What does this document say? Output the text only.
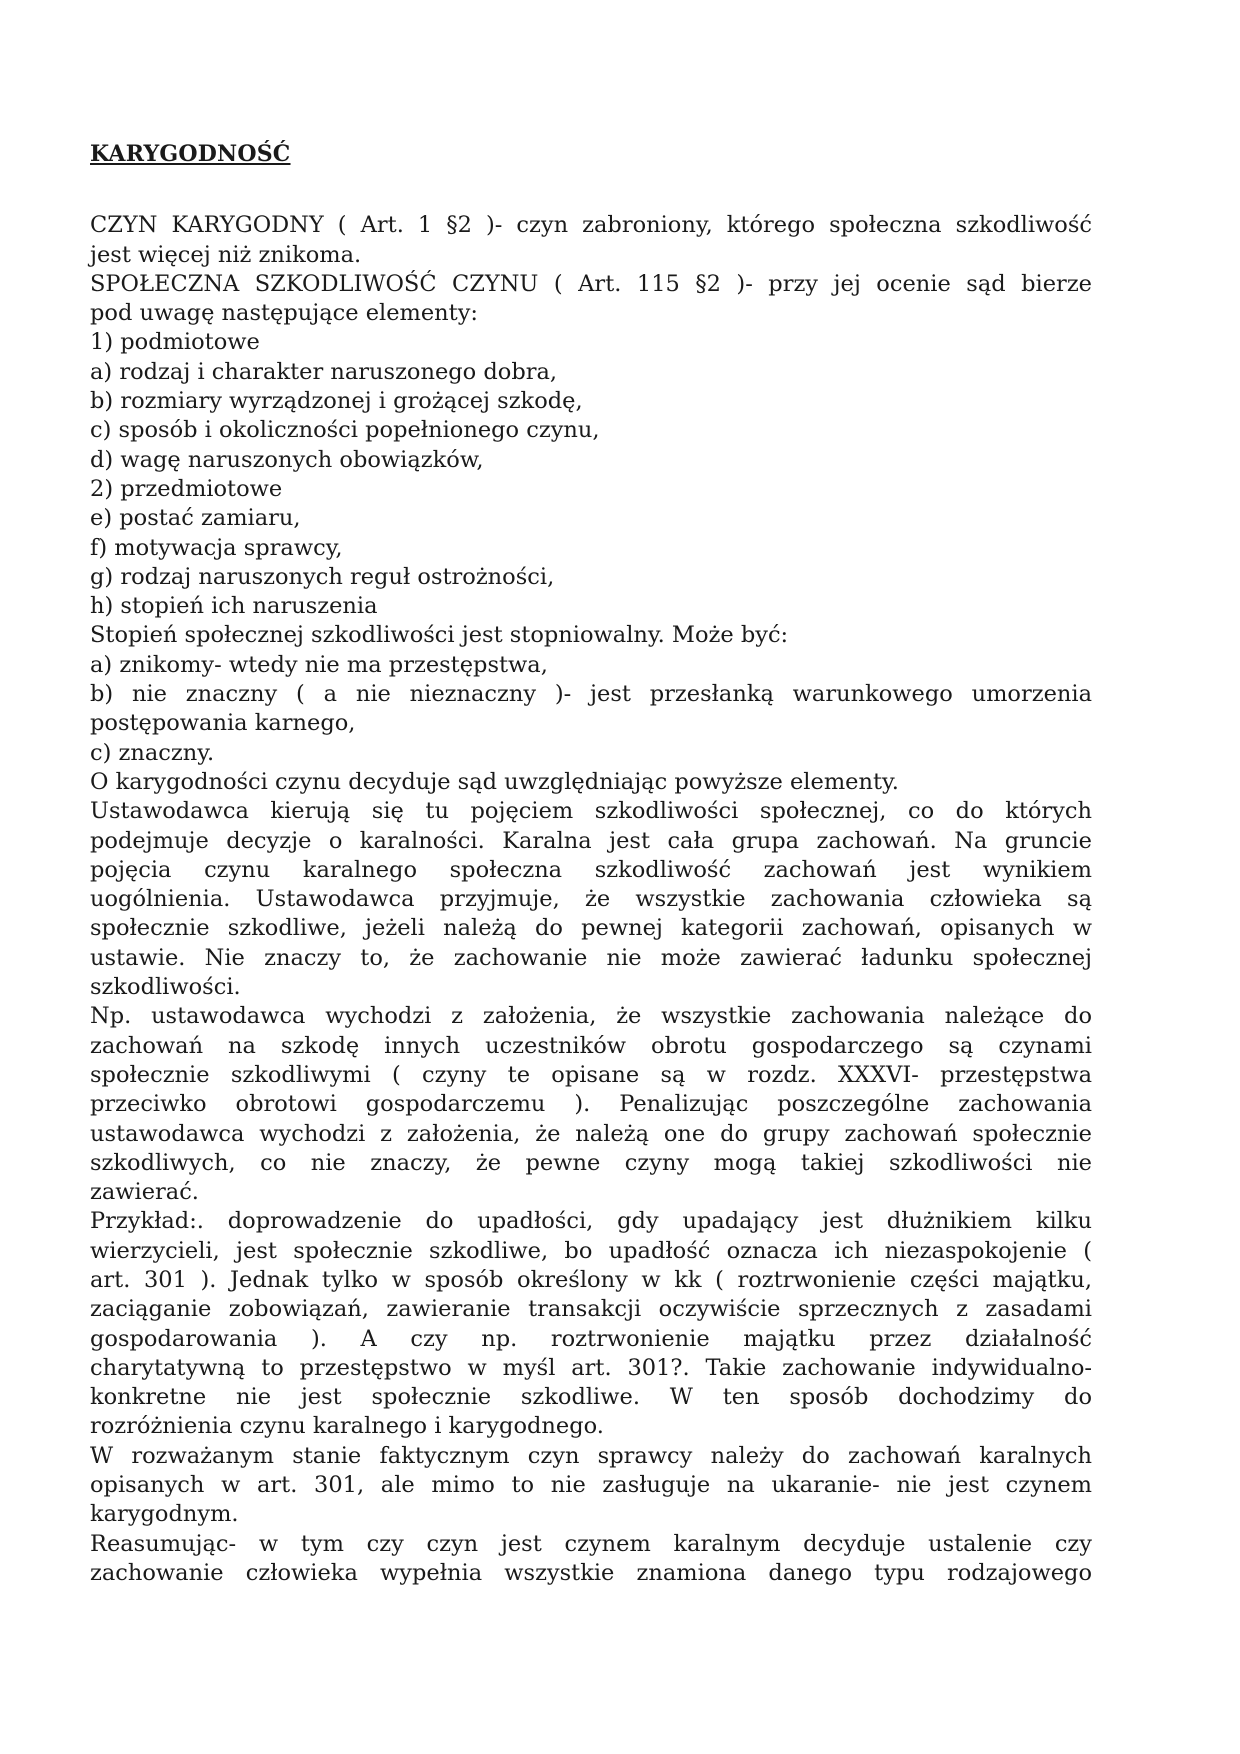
KARYGODNOŚĆ
CZYN KARYGODNY ( Art. 1 §2 )- czyn zabroniony, którego społeczna szkodliwość
jest więcej niż znikoma.
SPOŁECZNA SZKODLIWOŚĆ CZYNU ( Art. 115 §2 )- przy jej ocenie sąd bierze
pod uwagę następujące elementy:
1) podmiotowe
a) rodzaj i charakter naruszonego dobra,
b) rozmiary wyrządzonej i grożącej szkodę,
c) sposób i okoliczności popełnionego czynu,
d) wagę naruszonych obowiązków,
2) przedmiotowe
e) postać zamiaru,
f) motywacja sprawcy,
g) rodzaj naruszonych reguł ostrożności,
h) stopień ich naruszenia
Stopień społecznej szkodliwości jest stopniowalny. Może być:
a) znikomy- wtedy nie ma przestępstwa,
b) nie znaczny ( a nie nieznaczny )- jest przesłanką warunkowego umorzenia
postępowania karnego,
c) znaczny.
O karygodności czynu decyduje sąd uwzględniając powyższe elementy.
Ustawodawca kierują się tu pojęciem szkodliwości społecznej, co do których
podejmuje decyzje o karalności. Karalna jest cała grupa zachowań. Na gruncie
pojęcia czynu karalnego społeczna szkodliwość zachowań jest wynikiem
uogólnienia. Ustawodawca przyjmuje, że wszystkie zachowania człowieka są
społecznie szkodliwe, jeżeli należą do pewnej kategorii zachowań, opisanych w
ustawie. Nie znaczy to, że zachowanie nie może zawierać ładunku społecznej
szkodliwości.
Np. ustawodawca wychodzi z założenia, że wszystkie zachowania należące do
zachowań na szkodę innych uczestników obrotu gospodarczego są czynami
społecznie szkodliwymi ( czyny te opisane są w rozdz. XXXVI- przestępstwa
przeciwko obrotowi gospodarczemu ). Penalizując poszczególne zachowania
ustawodawca wychodzi z założenia, że należą one do grupy zachowań społecznie
szkodliwych, co nie znaczy, że pewne czyny mogą takiej szkodliwości nie
zawierać.
Przykład:. doprowadzenie do upadłości, gdy upadający jest dłużnikiem kilku
wierzycieli, jest społecznie szkodliwe, bo upadłość oznacza ich niezaspokojenie (
art. 301 ). Jednak tylko w sposób określony w kk ( roztrwonienie części majątku,
zaciąganie zobowiązań, zawieranie transakcji oczywiście sprzecznych z zasadami
gospodarowania ). A czy np. roztrwonienie majątku przez działalność
charytatywną to przestępstwo w myśl art. 301?. Takie zachowanie indywidualno-
konkretne nie jest społecznie szkodliwe. W ten sposób dochodzimy do
rozróżnienia czynu karalnego i karygodnego.
W rozważanym stanie faktycznym czyn sprawcy należy do zachowań karalnych
opisanych w art. 301, ale mimo to nie zasługuje na ukaranie- nie jest czynem
karygodnym.
Reasumując- w tym czy czyn jest czynem karalnym decyduje ustalenie czy
zachowanie człowieka wypełnia wszystkie znamiona danego typu rodzajowego
